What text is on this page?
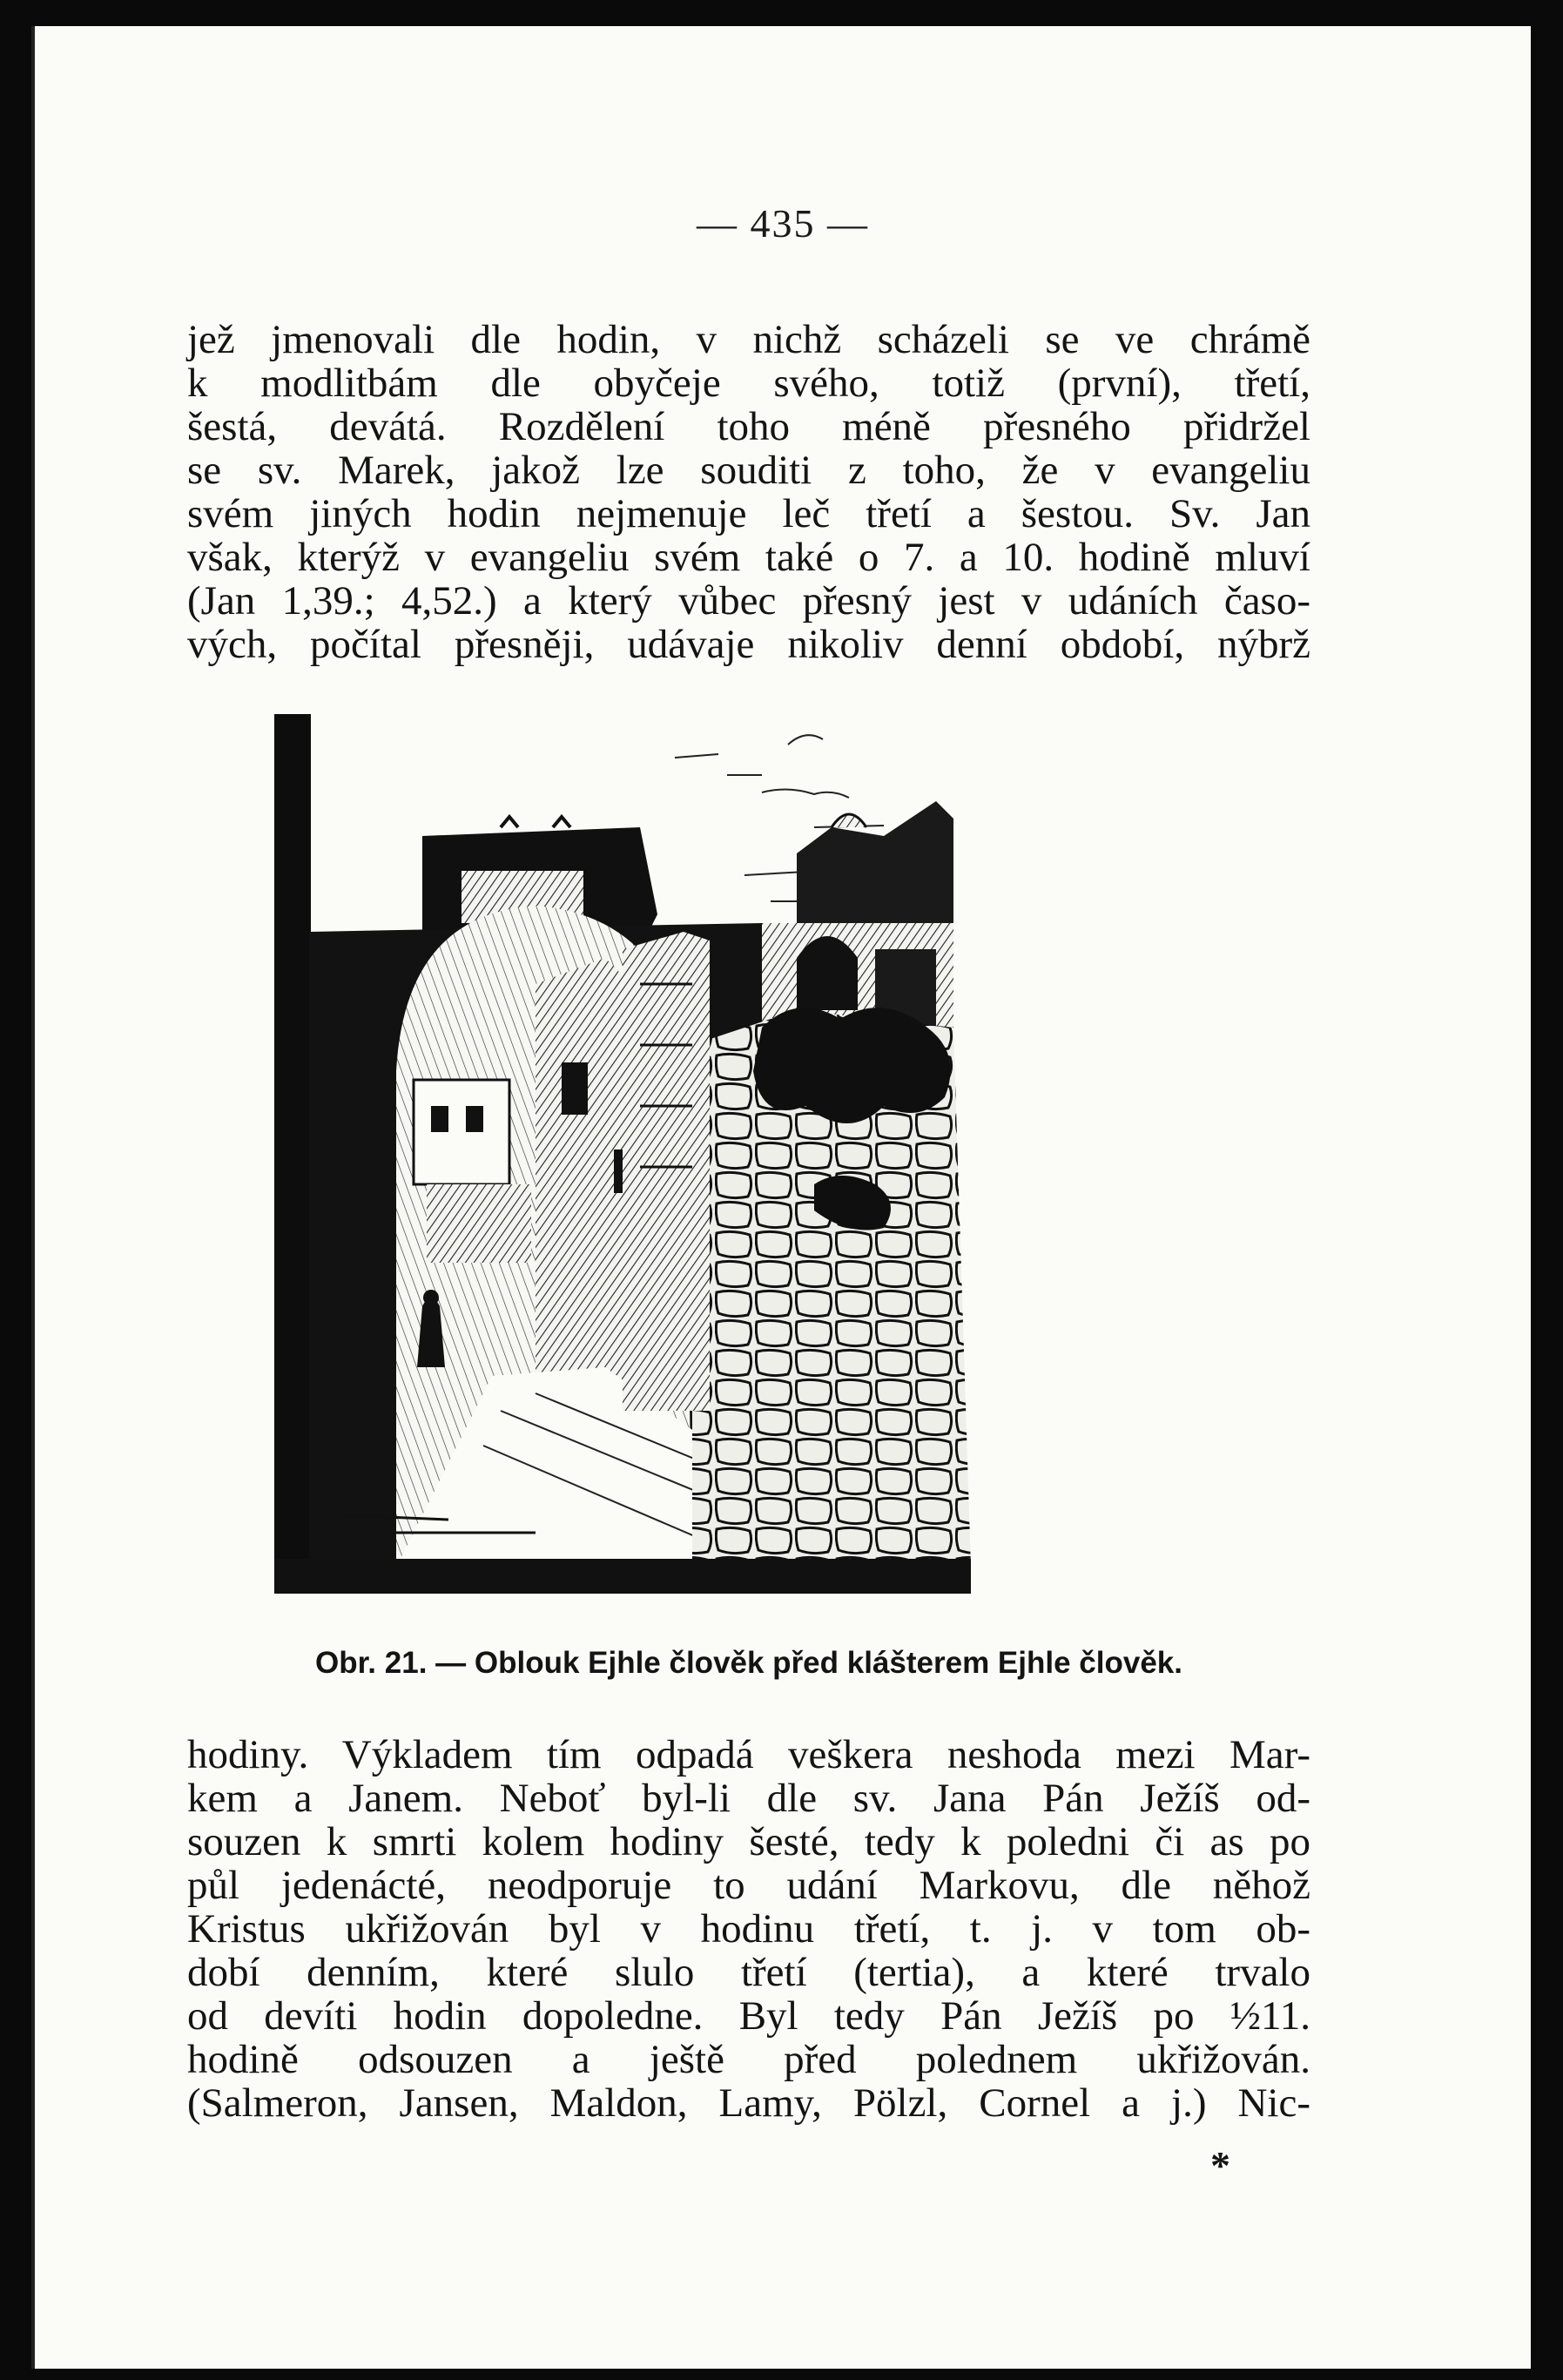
— 435 —
jež jmenovali dle hodin, v nichž scházeli se ve chrámě
k modlitbám dle obyčeje svého, totiž (první), třetí,
šestá, devátá. Rozdělení toho méně přesného přidržel
se sv. Marek, jakož lze souditi z toho, že v evangeliu
svém jiných hodin nejmenuje leč třetí a šestou. Sv. Jan
však, kterýž v evangeliu svém také o 7. a 10. hodině mluví
(Jan 1,39.; 4,52.) a který vůbec přesný jest v udáních časo-
vých, počítal přesněji, udávaje nikoliv denní období, nýbrž
Obr. 21. — Oblouk Ejhle člověk před klášterem Ejhle člověk.
hodiny. Výkladem tím odpadá veškera neshoda mezi Mar-
kem a Janem. Neboť byl-li dle sv. Jana Pán Ježíš od-
souzen k smrti kolem hodiny šesté, tedy k poledni či as po
půl jedenácté, neodporuje to udání Markovu, dle něhož
Kristus ukřižován byl v hodinu třetí, t. j. v tom ob-
dobí denním, které slulo třetí (tertia), a které trvalo
od devíti hodin dopoledne. Byl tedy Pán Ježíš po ½11.
hodině odsouzen a ještě před polednem ukřižován.
(Salmeron, Jansen, Maldon, Lamy, Pölzl, Cornel a j.) Nic-
*
